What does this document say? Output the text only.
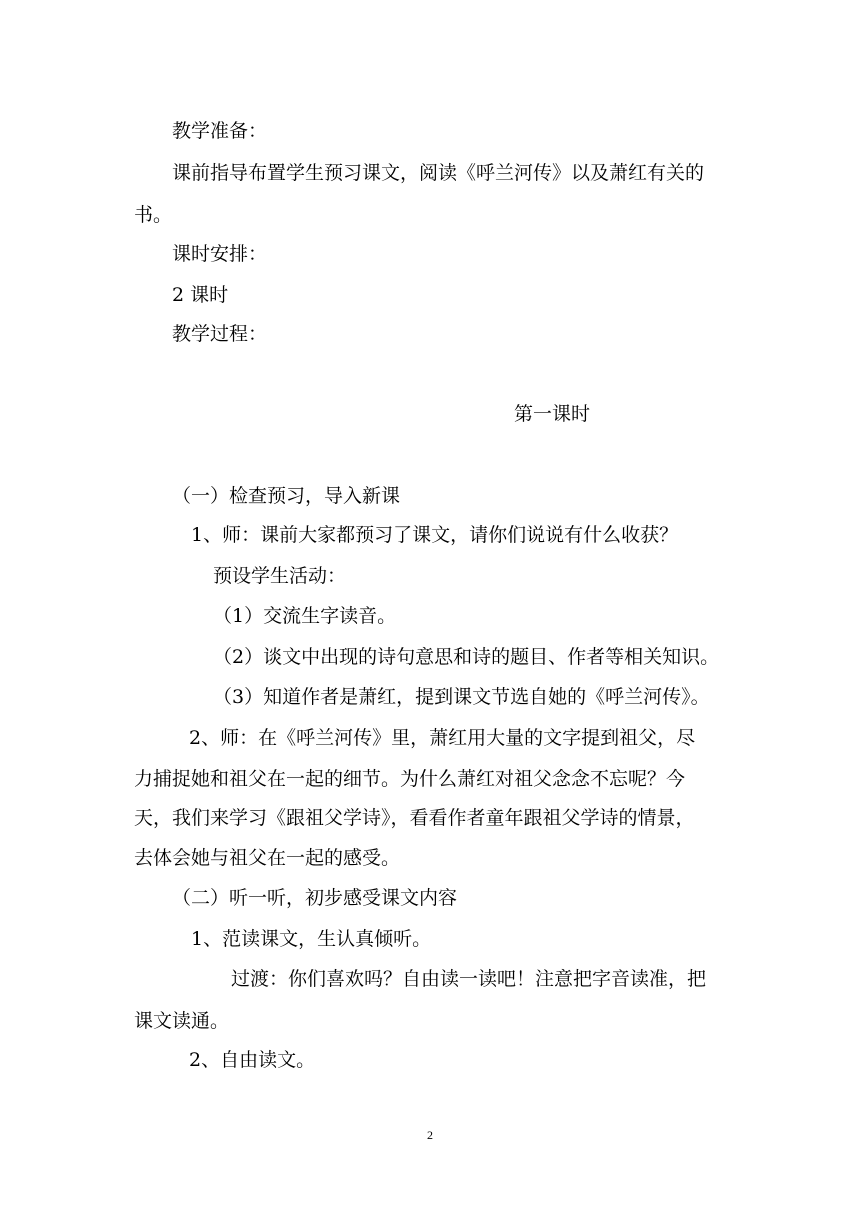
教学准备：
课前指导布置学生预习课文，阅读《呼兰河传》以及萧红有关的
书。
课时安排：
2 课时
教学过程：
第一课时
（一）检查预习，导入新课
1、师：课前大家都预习了课文，请你们说说有什么收获？
预设学生活动：
（1）交流生字读音。
（2）谈文中出现的诗句意思和诗的题目、作者等相关知识。
（3）知道作者是萧红，提到课文节选自她的《呼兰河传》。
2、师：在《呼兰河传》里，萧红用大量的文字提到祖父，尽
力捕捉她和祖父在一起的细节。为什么萧红对祖父念念不忘呢？今
天，我们来学习《跟祖父学诗》，看看作者童年跟祖父学诗的情景，
去体会她与祖父在一起的感受。
（二）听一听，初步感受课文内容
1、范读课文，生认真倾听。
过渡：你们喜欢吗？自由读一读吧！注意把字音读准，把
课文读通。
2、自由读文。
2
